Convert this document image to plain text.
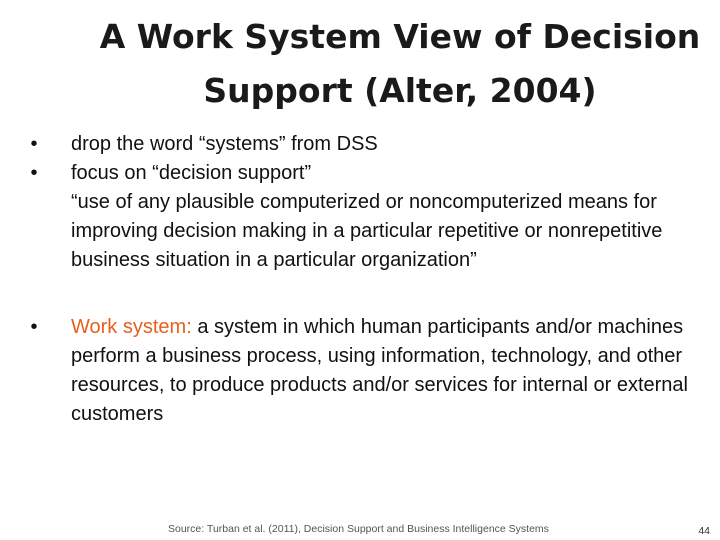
A Work System View of Decision
Support (Alter, 2004)
•	drop the word “systems” from DSS
•	focus on “decision support”
“use of any plausible computerized or noncomputerized means for improving decision making in a particular repetitive or nonrepetitive business situation in a particular organization”
•	Work system: a system in which human participants and/or machines perform a business process, using information, technology, and other resources, to produce products and/or services for internal or external customers
Source: Turban et al. (2011), Decision Support and Business Intelligence Systems	44
